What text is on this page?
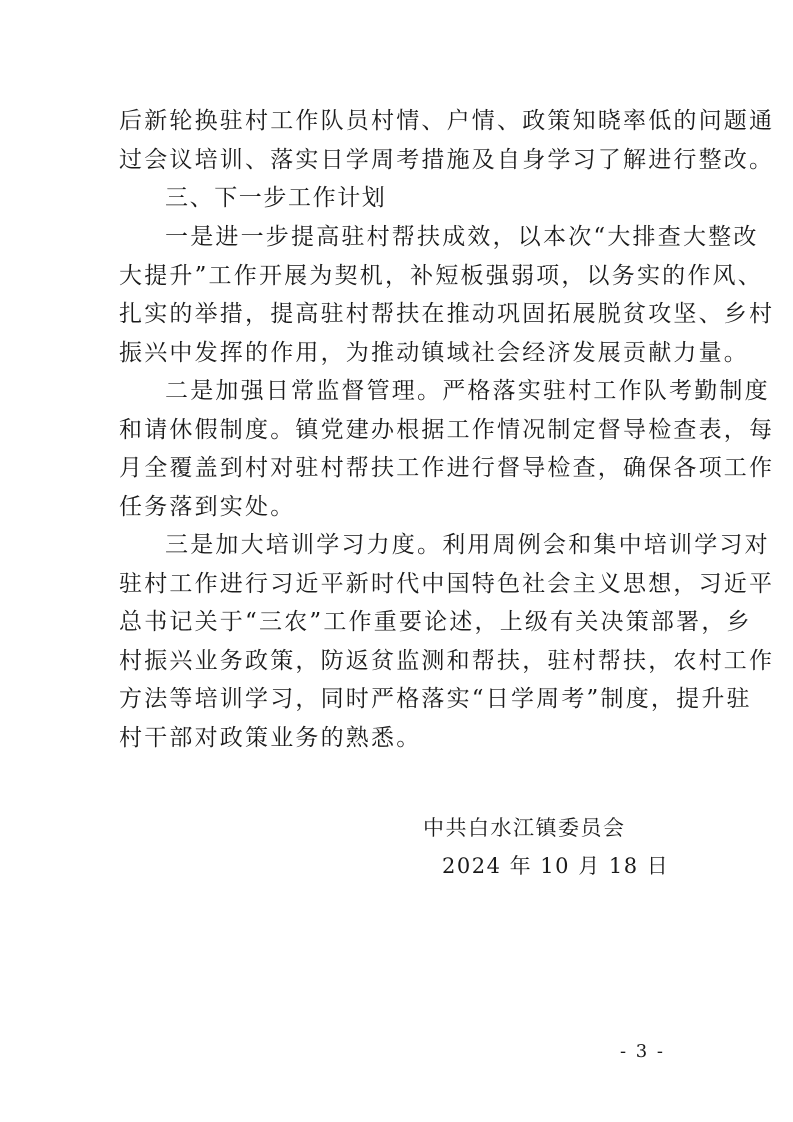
后新轮换驻村工作队员村情、户情、政策知晓率低的问题通
过会议培训、落实日学周考措施及自身学习了解进行整改。
三、下一步工作计划
一是进一步提高驻村帮扶成效，以本次“大排查大整改
大提升”工作开展为契机，补短板强弱项，以务实的作风、
扎实的举措，提高驻村帮扶在推动巩固拓展脱贫攻坚、乡村
振兴中发挥的作用，为推动镇域社会经济发展贡献力量。
二是加强日常监督管理。严格落实驻村工作队考勤制度
和请休假制度。镇党建办根据工作情况制定督导检查表，每
月全覆盖到村对驻村帮扶工作进行督导检查，确保各项工作
任务落到实处。
三是加大培训学习力度。利用周例会和集中培训学习对
驻村工作进行习近平新时代中国特色社会主义思想，习近平
总书记关于“三农”工作重要论述，上级有关决策部署，乡
村振兴业务政策，防返贫监测和帮扶，驻村帮扶，农村工作
方法等培训学习，同时严格落实“日学周考”制度，提升驻
村干部对政策业务的熟悉。
中共白水江镇委员会
2024 年 10 月 18 日
- 3 -
